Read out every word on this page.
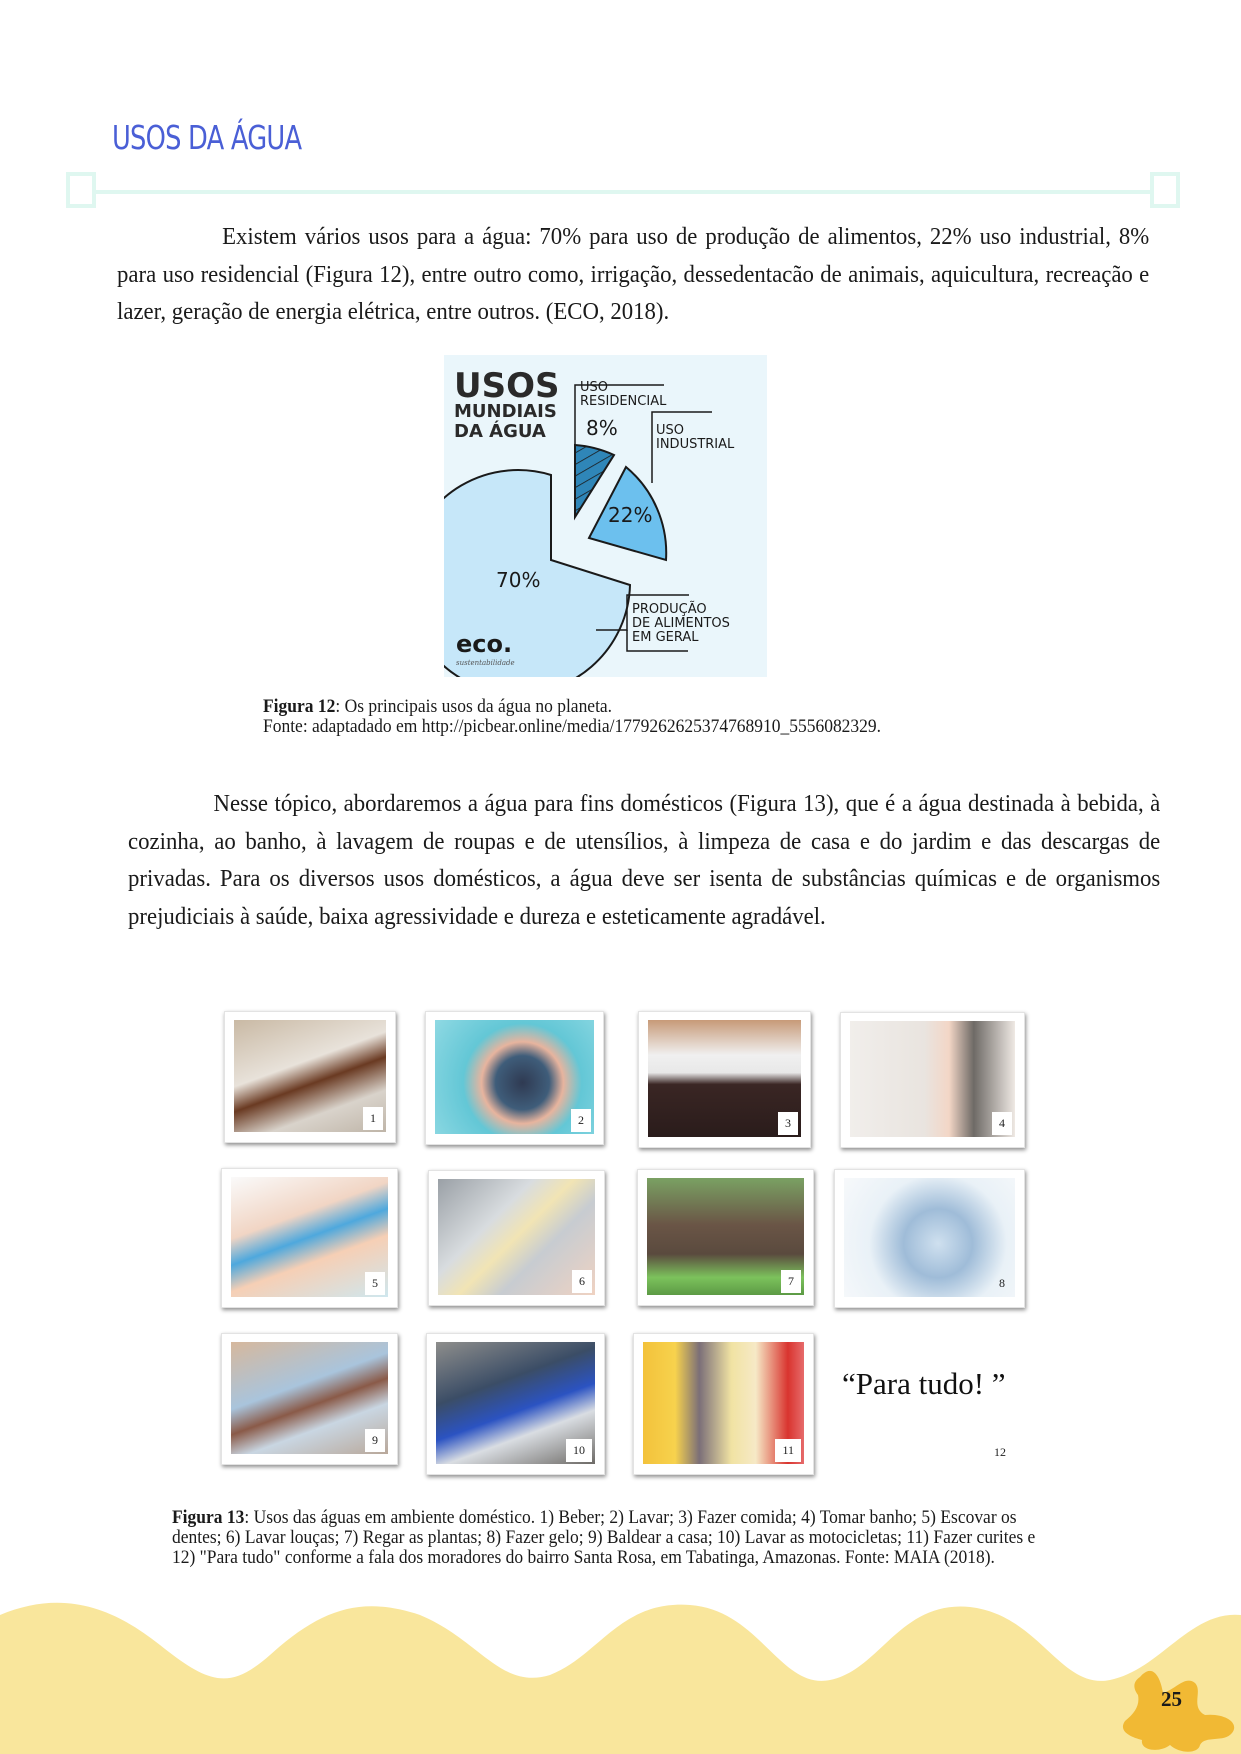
USOS DA ÁGUA
Existem vários usos para a água: 70% para uso de produção de alimentos, 22% uso industrial, 8% para uso residencial (Figura 12), entre outro como, irrigação, dessedentacão de animais, aquicultura, recreação e lazer, geração de energia elétrica, entre outros. (ECO, 2018).
USOS
MUNDIAIS
DA ÁGUA
USO
RESIDENCIAL
8%	USO
INDUSTRIAL
22%
70%
PRODUÇÃO
DE ALIMENTOS
EM GERAL
eco.
sustentabilidade
Figura 12: Os principais usos da água no planeta.
Fonte: adaptadado em http://picbear.online/media/1779262625374768910_5556082329.
Nesse tópico, abordaremos a água para fins domésticos (Figura 13), que é a água destinada à bebida, à cozinha, ao banho, à lavagem de roupas e de utensílios, à limpeza de casa e do jardim e das descargas de privadas. Para os diversos usos domésticos, a água deve ser isenta de substâncias químicas e de organismos prejudiciais à saúde, baixa agressividade e dureza e esteticamente agradável.
1	2	3	4
5	6	7	8
9
10	11
“Para tudo! ”
12
Figura 13: Usos das águas em ambiente doméstico. 1) Beber; 2) Lavar; 3) Fazer comida; 4) Tomar banho; 5) Escovar os dentes; 6) Lavar louças; 7) Regar as plantas; 8) Fazer gelo; 9) Baldear a casa; 10) Lavar as motocicletas; 11) Fazer curites e 12) "Para tudo" conforme a fala dos moradores do bairro Santa Rosa, em Tabatinga, Amazonas. Fonte: MAIA (2018).
25
